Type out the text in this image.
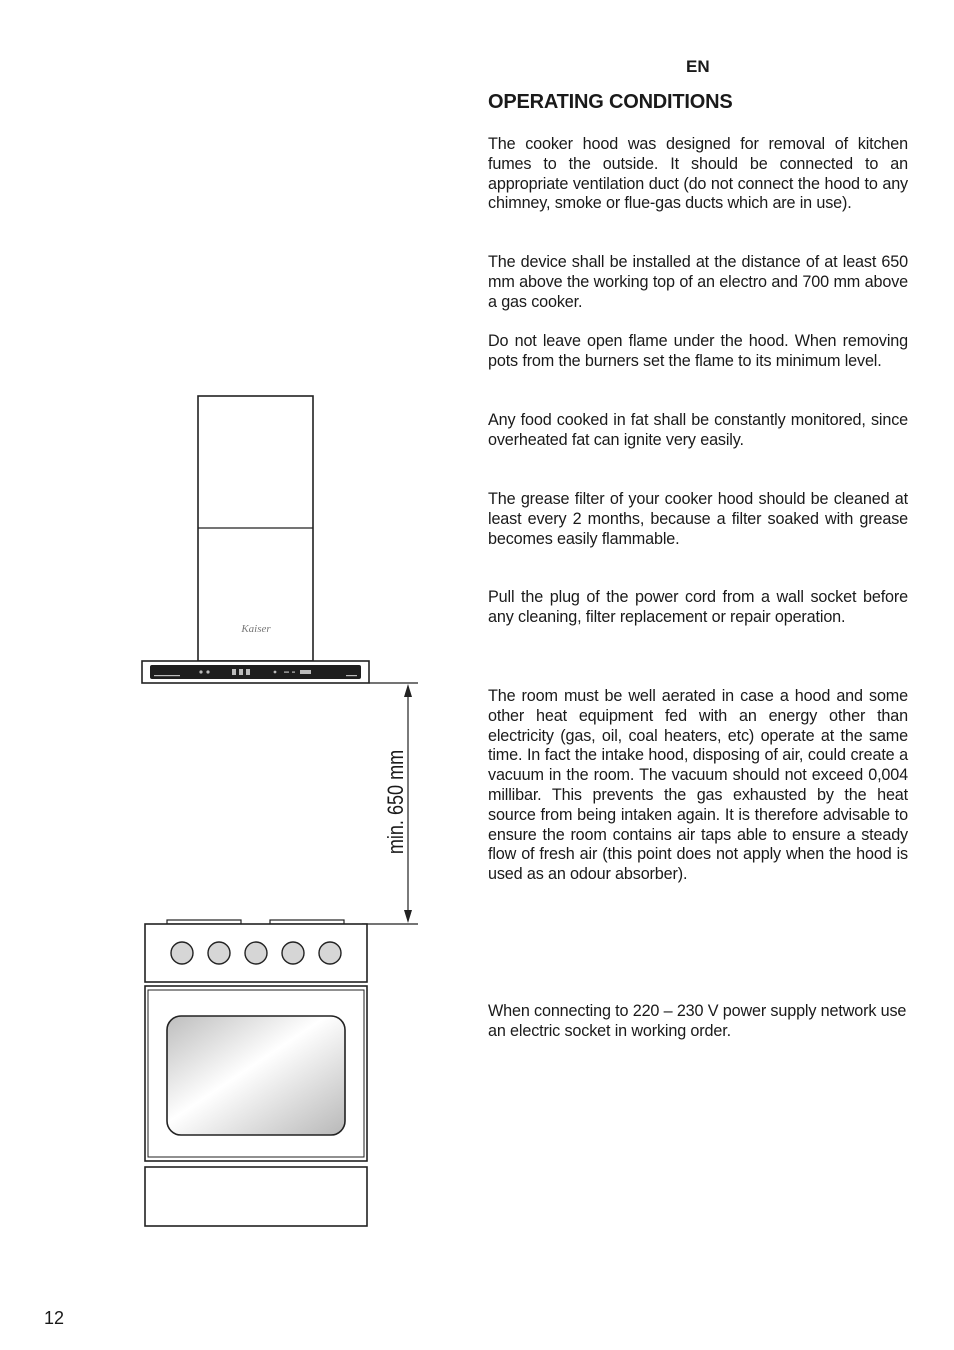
EN
OPERATING CONDITIONS

The cooker hood was designed for removal of kitchen fumes to the outside. It should be connected to an appropriate ventilation duct (do not connect the hood to any chimney, smoke or flue-gas ducts which are in use).

The device shall be installed at the distance of at least 650 mm above the working top of an electro and 700 mm above a gas cooker.

Do not leave open flame under the hood. When removing pots from the burners set the flame to its minimum level.

Any food cooked in fat shall be constantly monitored, since overheated fat can ignite very easily.

The grease filter of your cooker hood should be cleaned at least every 2 months, because a filter soaked with grease becomes easily flammable.

Pull the plug of the power cord from a wall socket before any cleaning, filter replacement or repair operation.

The room must be well aerated in case a hood and some other heat equipment fed with an energy other than electricity (gas, oil, coal heaters, etc) operate at the same time. In fact the intake hood, disposing of air, could create a vacuum in the room. The vacuum should not exceed 0,004 millibar. This prevents the gas exhausted by the heat source from being intaken again. It is therefore advisable to ensure the room contains air taps able to ensure a steady flow of fresh air (this point does not apply when the hood is used as an odour absorber).

When connecting to 220 – 230 V power supply network use an electric socket in working order.

Kaiser
min. 650 mm
12
